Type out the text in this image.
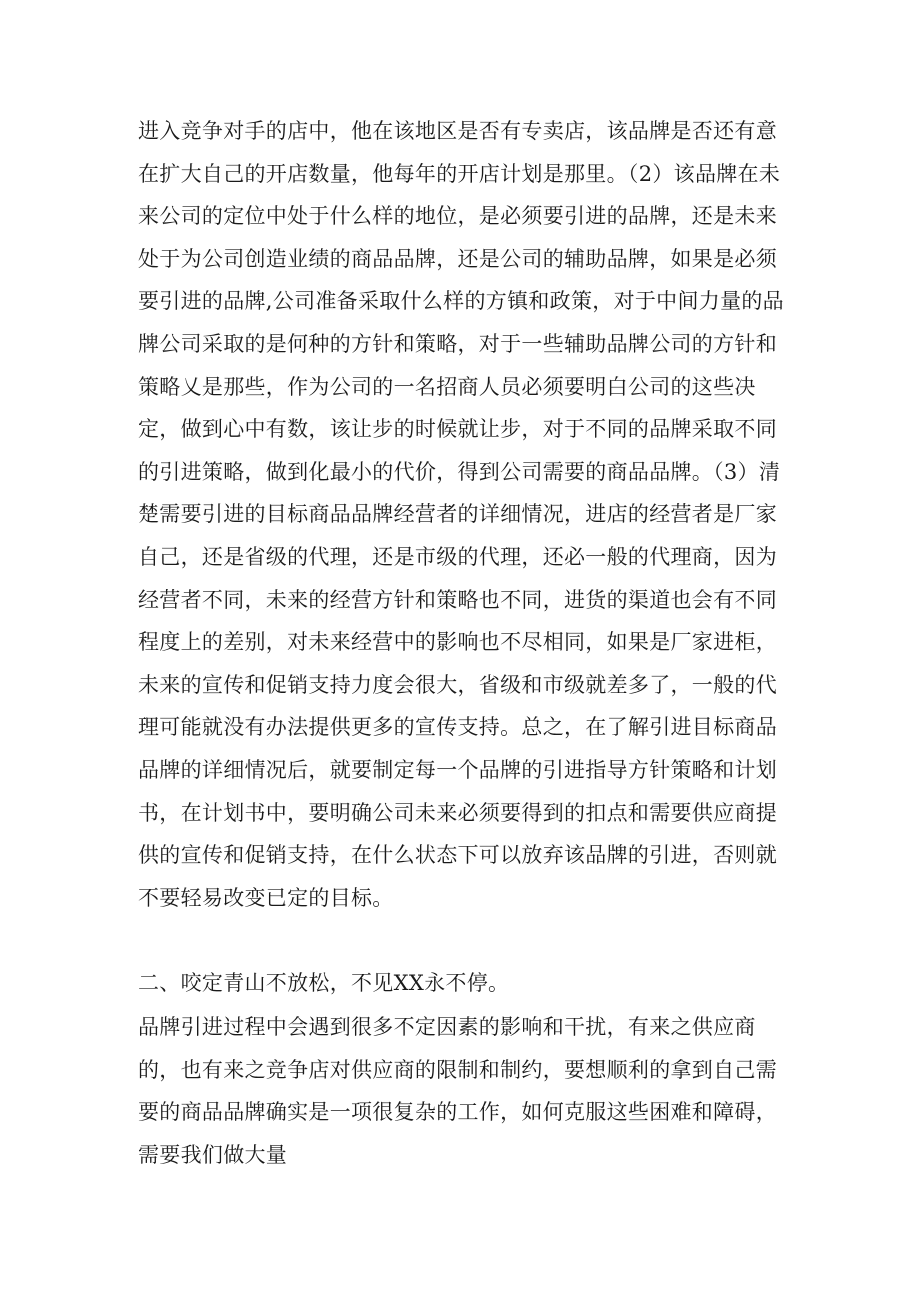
进入竞争对手的店中，他在该地区是否有专卖店，该品牌是否还有意在扩大自己的开店数量，他每年的开店计划是那里。（2）该品牌在未来公司的定位中处于什么样的地位，是必须要引进的品牌，还是未来处于为公司创造业绩的商品品牌，还是公司的辅助品牌，如果是必须要引进的品牌,公司准备采取什么样的方镇和政策，对于中间力量的品牌公司采取的是何种的方针和策略，对于一些辅助品牌公司的方针和策略乂是那些，作为公司的一名招商人员必须要明白公司的这些决定，做到心中有数，该让步的时候就让步，对于不同的品牌采取不同的引进策略，做到化最小的代价，得到公司需要的商品品牌。（3）清楚需要引进的目标商品品牌经营者的详细情况，进店的经营者是厂家自己，还是省级的代理，还是市级的代理，还必一般的代理商，因为经营者不同，未来的经营方针和策略也不同，进货的渠道也会有不同程度上的差别，对未来经营中的影响也不尽相同，如果是厂家进柜，未来的宣传和促销支持力度会很大，省级和市级就差多了，一般的代理可能就没有办法提供更多的宣传支持。总之，在了解引进目标商品品牌的详细情况后，就要制定每一个品牌的引进指导方针策略和计划书，在计划书中，要明确公司未来必须要得到的扣点和需要供应商提供的宣传和促销支持，在什么状态下可以放弃该品牌的引进，否则就不要轻易改变已定的目标。

二、咬定青山不放松，不见XX永不停。

品牌引进过程中会遇到很多不定因素的影响和干扰，有来之供应商的，也有来之竞争店对供应商的限制和制约，要想顺利的拿到自己需要的商品品牌确实是一项很复杂的工作，如何克服这些困难和障碍，需要我们做大量
